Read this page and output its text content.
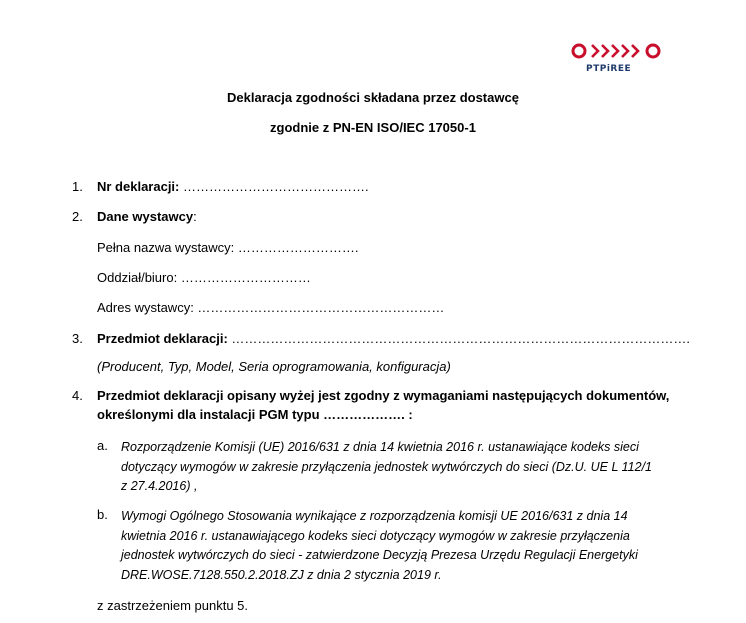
PTPiREE
Deklaracja zgodności składana przez dostawcę
zgodnie z PN-EN ISO/IEC 17050-1
1. Nr deklaracji: …………………………………….
2. Dane wystawcy:
Pełna nazwa wystawcy: ……………………….
Oddział/biuro: …………………………
Adres wystawcy: …………………………………………………
3. Przedmiot deklaracji: …………………………………………………………………………………………….
(Producent, Typ, Model, Seria oprogramowania, konfiguracja)
4. Przedmiot deklaracji opisany wyżej jest zgodny z wymaganiami następujących dokumentów,
określonymi dla instalacji PGM typu ………………. :
a. Rozporządzenie Komisji (UE) 2016/631 z dnia 14 kwietnia 2016 r. ustanawiające kodeks sieci
dotyczący wymogów w zakresie przyłączenia jednostek wytwórczych do sieci (Dz.U. UE L 112/1
z 27.4.2016) ,
b. Wymogi Ogólnego Stosowania wynikające z rozporządzenia komisji UE 2016/631 z dnia 14
kwietnia 2016 r. ustanawiającego kodeks sieci dotyczący wymogów w zakresie przyłączenia
jednostek wytwórczych do sieci - zatwierdzone Decyzją Prezesa Urzędu Regulacji Energetyki
DRE.WOSE.7128.550.2.2018.ZJ z dnia 2 stycznia 2019 r.
z zastrzeżeniem punktu 5.
